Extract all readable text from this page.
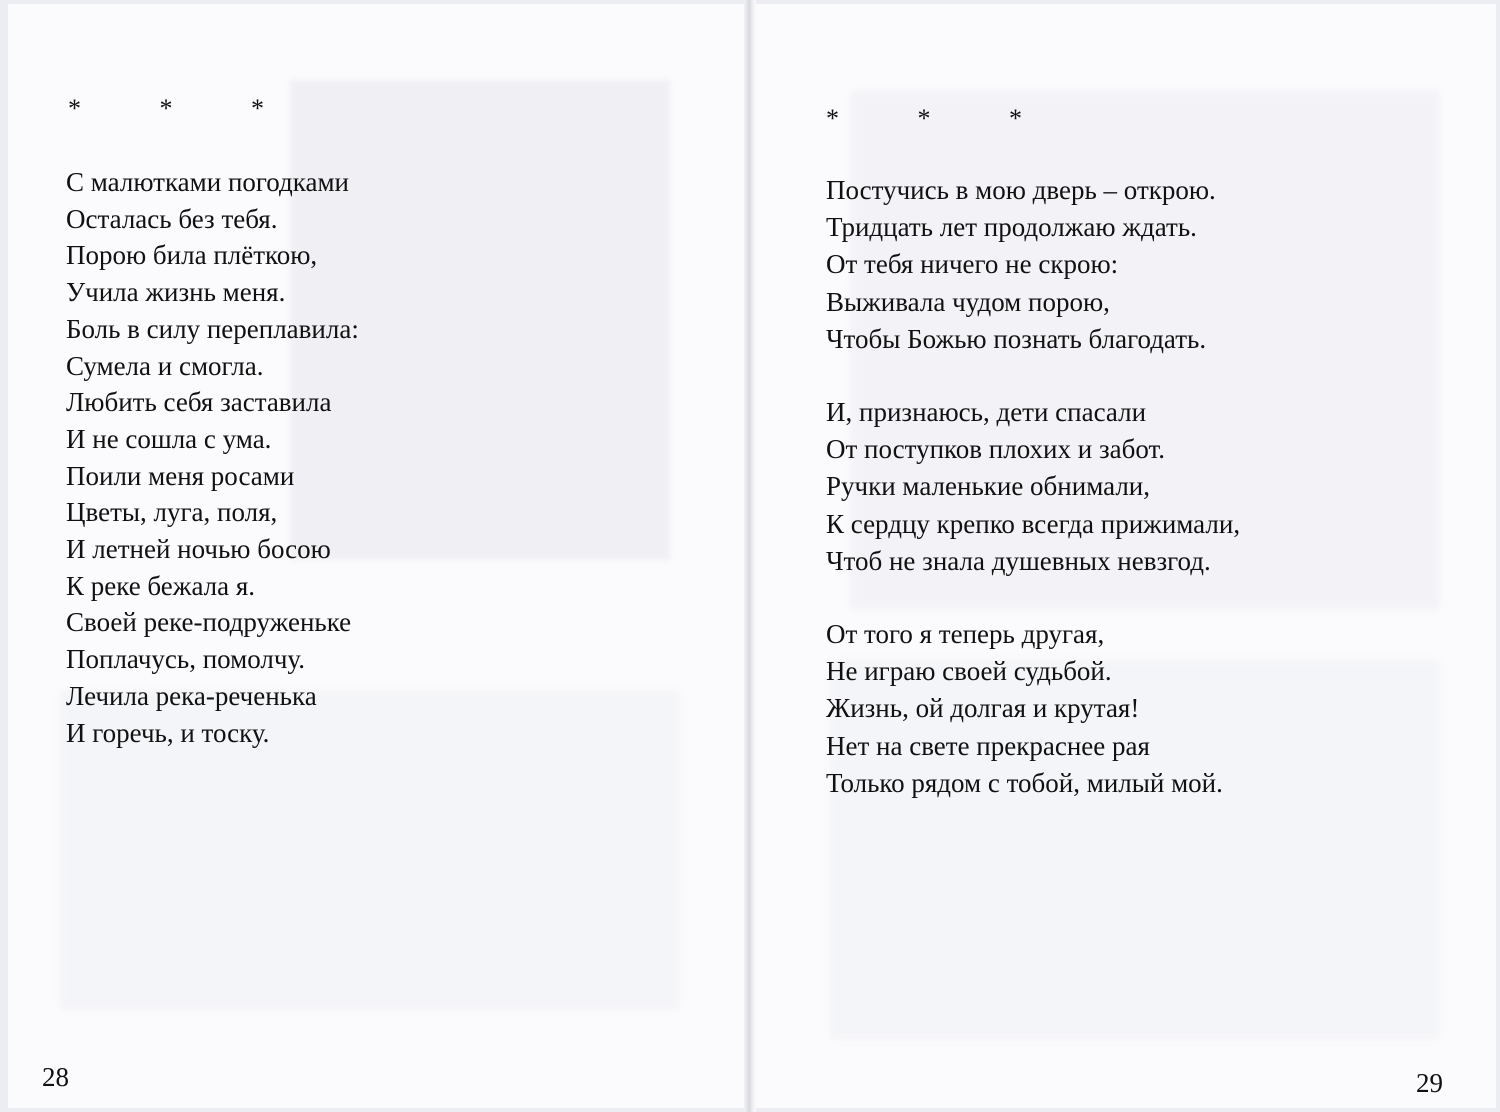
* * *
С малютками погодками
Осталась без тебя.
Порою била плёткою,
Учила жизнь меня.
Боль в силу переплавила:
Сумела и смогла.
Любить себя заставила
И не сошла с ума.
Поили меня росами
Цветы, луга, поля,
И летней ночью босою
К реке бежала я.
Своей реке-подруженьке
Поплачусь, помолчу.
Лечила река-реченька
И горечь, и тоску.
28
* * *
Постучись в мою дверь – открою.
Тридцать лет продолжаю ждать.
От тебя ничего не скрою:
Выживала чудом порою,
Чтобы Божью познать благодать.
И, признаюсь, дети спасали
От поступков плохих и забот.
Ручки маленькие обнимали,
К сердцу крепко всегда прижимали,
Чтоб не знала душевных невзгод.
От того я теперь другая,
Не играю своей судьбой.
Жизнь, ой долгая и крутая!
Нет на свете прекраснее рая
Только рядом с тобой, милый мой.
29
